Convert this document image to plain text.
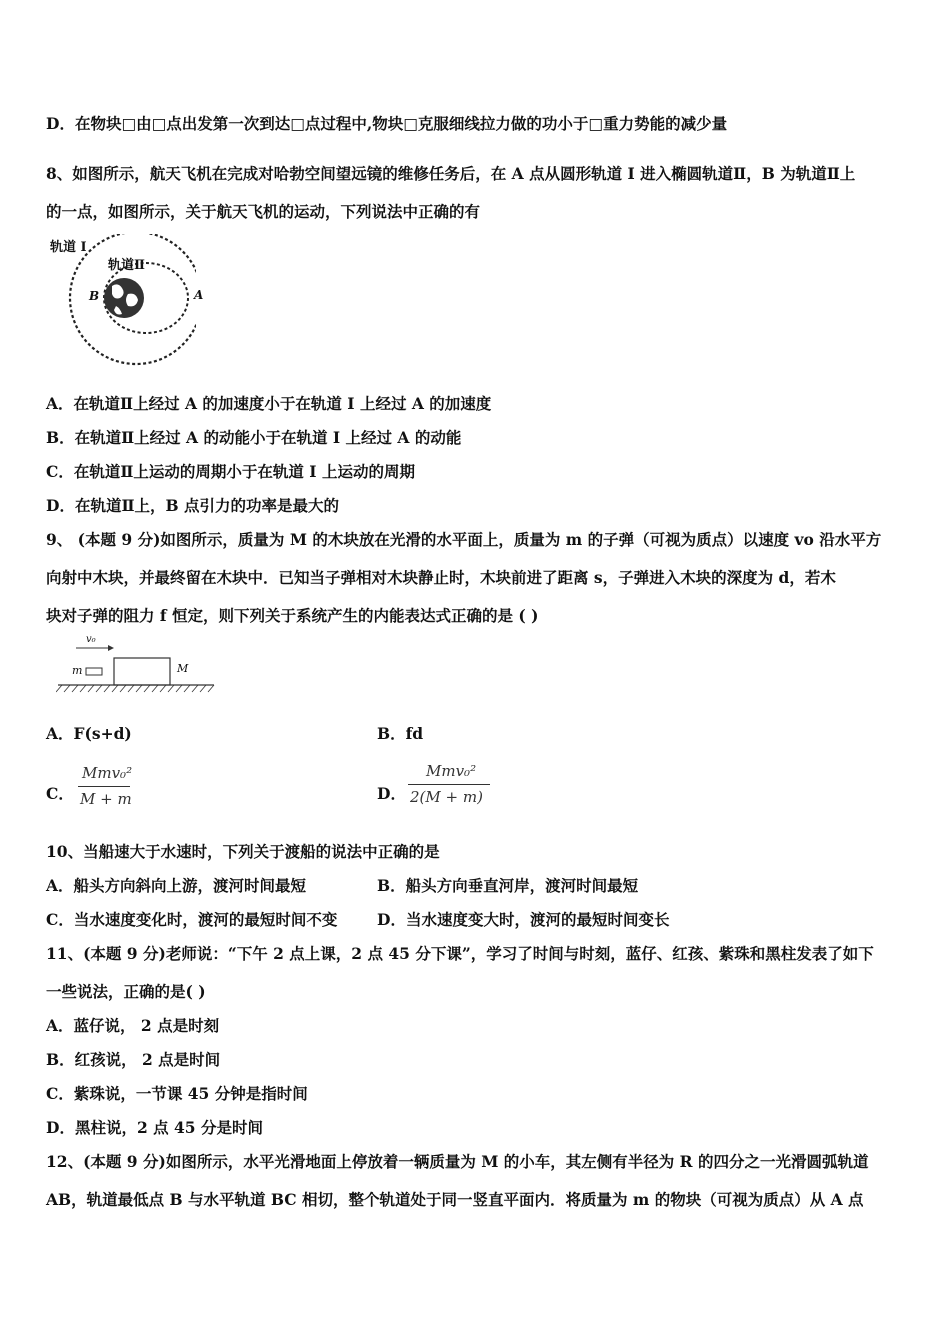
D．在物块□由□点出发第一次到达□点过程中,物块□克服细线拉力做的功小于□重力势能的减少量
8、如图所示，航天飞机在完成对哈勃空间望远镜的维修任务后，在 A 点从圆形轨道 I 进入椭圆轨道Ⅱ，B 为轨道Ⅱ上
的一点，如图所示，关于航天飞机的运动，下列说法中正确的有
轨道 I
轨道Ⅱ
B	A
A．在轨道Ⅱ上经过 A 的加速度小于在轨道 I 上经过 A 的加速度
B．在轨道Ⅱ上经过 A 的动能小于在轨道 I 上经过 A 的动能
C．在轨道Ⅱ上运动的周期小于在轨道 I 上运动的周期
D．在轨道Ⅱ上，B 点引力的功率是最大的
9、 (本题 9 分)如图所示，质量为 M 的木块放在光滑的水平面上，质量为 m 的子弹（可视为质点）以速度 vo 沿水平方
向射中木块，并最终留在木块中．已知当子弹相对木块静止时，木块前进了距离 s，子弹进入木块的深度为 d，若木
块对子弹的阻力 f 恒定，则下列关于系统产生的内能表达式正确的是 ( )
v₀
m	M
A．F(s+d)	B．fd
C．
Mmv₀²
M + m	D．
Mmv₀²
2(M + m)
10、当船速大于水速时，下列关于渡船的说法中正确的是
A．船头方向斜向上游，渡河时间最短	B．船头方向垂直河岸，渡河时间最短
C．当水速度变化时，渡河的最短时间不变	D．当水速度变大时，渡河的最短时间变长
11、(本题 9 分)老师说：“下午 2 点上课，2 点 45 分下课”，学习了时间与时刻，蓝仔、红孩、紫珠和黑柱发表了如下
一些说法，正确的是( )
A．蓝仔说， 2 点是时刻
B．红孩说， 2 点是时间
C．紫珠说，一节课 45 分钟是指时间
D．黑柱说，2 点 45 分是时间
12、(本题 9 分)如图所示，水平光滑地面上停放着一辆质量为 M 的小车，其左侧有半径为 R 的四分之一光滑圆弧轨道
AB，轨道最低点 B 与水平轨道 BC 相切，整个轨道处于同一竖直平面内．将质量为 m 的物块（可视为质点）从 A 点
